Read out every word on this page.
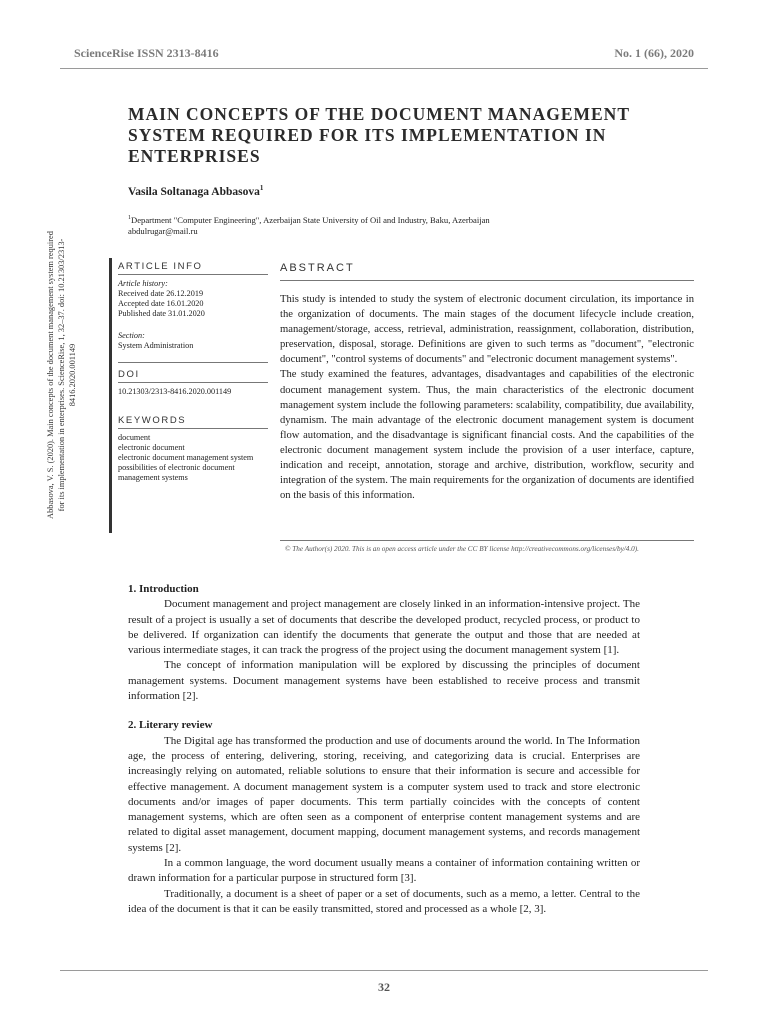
ScienceRise ISSN 2313-8416	No. 1 (66), 2020
MAIN CONCEPTS OF THE DOCUMENT MANAGEMENT SYSTEM REQUIRED FOR ITS IMPLEMENTATION IN ENTERPRISES
Vasila Soltanaga Abbasova$^1$
$^1$Department "Computer Engineering", Azerbaijan State University of Oil and Industry, Baku, Azerbaijan
abdulrugar@mail.ru
Abbasova, V. S. (2020). Main concepts of the document management system required for its implementation in enterprises. ScienceRise, 1, 32–37. doi: 10.21303/2313-8416.2020.001149
ARTICLE INFO
Article history:
Received date 26.12.2019
Accepted date 16.01.2020
Published date 31.01.2020
Section:
System Administration
DOI
10.21303/2313-8416.2020.001149
KEYWORDS
document
electronic document
electronic document management system
possibilities of electronic document management systems
ABSTRACT

This study is intended to study the system of electronic document circulation, its importance in the organization of documents. The main stages of the document lifecycle include creation, management/storage, access, retrieval, administration, reassignment, collaboration, distribution, preservation, disposal, storage. Definitions are given to such terms as "document", "electronic document", "control systems of documents" and "electronic document management systems".

The study examined the features, advantages, disadvantages and capabilities of the electronic document management system. Thus, the main characteristics of the electronic document management system include the following parameters: scalability, compatibility, due availability, dynamism. The main advantage of the electronic document management system is document flow automation, and the disadvantage is significant financial costs. And the capabilities of the electronic document management system include the provision of a user interface, capture, indication and receipt, annotation, storage and archive, distribution, workflow, security and integration of the system. The main requirements for the organization of documents are identified on the basis of this information.

© The Author(s) 2020. This is an open access article under the CC BY license http://creativecommons.org/licenses/by/4.0).
1. Introduction

Document management and project management are closely linked in an information-intensive project. The result of a project is usually a set of documents that describe the developed product, recycled process, or product to be delivered. If organization can identify the documents that generate the output and those that are needed at various intermediate stages, it can track the progress of the project using the document management system [1].

The concept of information manipulation will be explored by discussing the principles of document management systems. Document management systems have been established to receive process and transmit information [2].

2. Literary review

The Digital age has transformed the production and use of documents around the world. In The Information age, the process of entering, delivering, storing, receiving, and categorizing data is crucial. Enterprises are increasingly relying on automated, reliable solutions to ensure that their information is secure and accessible for effective management. A document management system is a computer system used to track and store electronic documents and/or images of paper documents. This term partially coincides with the concepts of content management systems, which are often seen as a component of enterprise content management systems and are related to digital asset management, document mapping, document management systems, and records management systems [2].

In a common language, the word document usually means a container of information containing written or drawn information for a particular purpose in structured form [3].

Traditionally, a document is a sheet of paper or a set of documents, such as a memo, a letter. Central to the idea of the document is that it can be easily transmitted, stored and processed as a whole [2, 3].

32
